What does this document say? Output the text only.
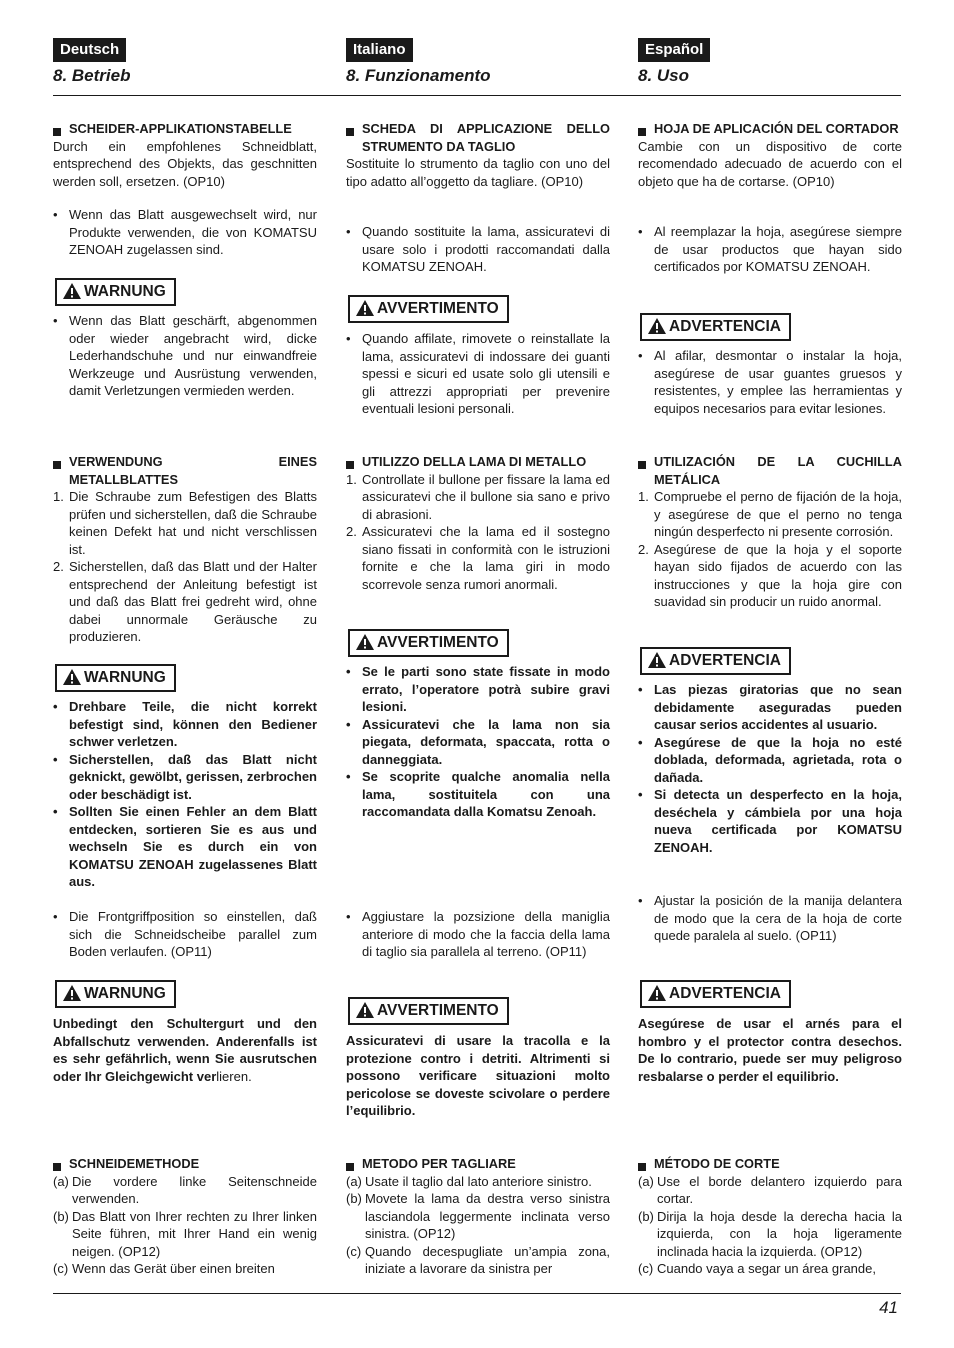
41
Deutsch
8. Betrieb
SCHEIDER-APPLIKATIONSTABELLE
Durch ein empfohlenes Schneidblatt, entsprechend des Objekts, das geschnitten werden soll, ersetzen. (OP10)
• Wenn das Blatt ausgewechselt wird, nur Produkte verwenden, die von KOMATSU ZENOAH zugelassen sind.
WARNUNG
• Wenn das Blatt geschärft, abgenommen oder wieder angebracht wird, dicke Lederhandschuhe und nur einwandfreie Werkzeuge und Ausrüstung verwenden, damit Verletzungen vermieden werden.
VERWENDUNG EINES METALLBLATTES
1. Die Schraube zum Befestigen des Blatts prüfen und sicherstellen, daß die Schraube keinen Defekt hat und nicht verschlissen ist.
2. Sicherstellen, daß das Blatt und der Halter entsprechend der Anleitung befestigt ist und daß das Blatt frei gedreht wird, ohne dabei unnormale Geräusche zu produzieren.
WARNUNG
• Drehbare Teile, die nicht korrekt befestigt sind, können den Bediener schwer verletzen.
• Sicherstellen, daß das Blatt nicht geknickt, gewölbt, gerissen, zerbrochen oder beschädigt ist.
• Sollten Sie einen Fehler an dem Blatt entdecken, sortieren Sie es aus und wechseln Sie es durch ein von KOMATSU ZENOAH zugelassenes Blatt aus.
• Die Frontgriffposition so einstellen, daß sich die Schneidscheibe parallel zum Boden verlaufen. (OP11)
WARNUNG
Unbedingt den Schultergurt und den Abfallschutz verwenden. Anderenfalls ist es sehr gefährlich, wenn Sie ausrutschen oder Ihr Gleichgewicht verlieren.
SCHNEIDEMETHODE
(a) Die vordere linke Seitenschneide verwenden.
(b) Das Blatt von Ihrer rechten zu Ihrer linken Seite führen, mit Ihrer Hand ein wenig neigen. (OP12)
(c) Wenn das Gerät über einen breiten
Italiano
8. Funzionamento
SCHEDA DI APPLICAZIONE DELLO STRUMENTO DA TAGLIO
Sostituite lo strumento da taglio con uno del tipo adatto all’oggetto da tagliare. (OP10)
• Quando sostituite la lama, assicuratevi di usare solo i prodotti raccomandati dalla KOMATSU ZENOAH.
AVVERTIMENTO
• Quando affilate, rimovete o reinstallate la lama, assicuratevi di indossare dei guanti spessi e sicuri ed usate solo gli utensili e gli attrezzi appropriati per prevenire eventuali lesioni personali.
UTILIZZO DELLA LAMA DI METALLO
1. Controllate il bullone per fissare la lama ed assicuratevi che il bullone sia sano e privo di abrasioni.
2. Assicuratevi che la lama ed il sostegno siano fissati in conformità con le istruzioni fornite e che la lama giri in modo scorrevole senza rumori anormali.
AVVERTIMENTO
• Se le parti sono state fissate in modo errato, l’operatore potrà subire gravi lesioni.
• Assicuratevi che la lama non sia piegata, deformata, spaccata, rotta o danneggiata.
• Se scoprite qualche anomalia nella lama, sostituitela con una raccomandata dalla Komatsu Zenoah.
• Aggiustare la pozsizione della maniglia anteriore di modo che la faccia della lama di taglio sia parallela al terreno. (OP11)
AVVERTIMENTO
Assicuratevi di usare la tracolla e la protezione contro i detriti. Altrimenti si possono verificare situazioni molto pericolose se doveste scivolare o perdere l’equilibrio.
METODO PER TAGLIARE
(a) Usate il taglio dal lato anteriore sinistro.
(b) Movete la lama da destra verso sinistra lasciandola leggermente inclinata verso sinistra. (OP12)
(c) Quando decespugliate un’ampia zona, iniziate a lavorare da sinistra per
Español
8. Uso
HOJA DE APLICACIÓN DEL CORTADOR
Cambie con un dispositivo de corte recomendado adecuado de acuerdo con el objeto que ha de cortarse. (OP10)
• Al reemplazar la hoja, asegúrese siempre de usar productos que hayan sido certificados por KOMATSU ZENOAH.
ADVERTENCIA
• Al afilar, desmontar o instalar la hoja, asegúrese de usar guantes gruesos y resistentes, y emplee las herramientas y equipos necesarios para evitar lesiones.
UTILIZACIÓN DE LA CUCHILLA METÁLICA
1. Compruebe el perno de fijación de la hoja, y asegúrese de que el perno no tenga ningún desperfecto ni presente corrosión.
2. Asegúrese de que la hoja y el soporte hayan sido fijados de acuerdo con las instrucciones y que la hoja gire con suavidad sin producir un ruido anormal.
ADVERTENCIA
• Las piezas giratorias que no sean debidamente aseguradas pueden causar serios accidentes al usuario.
• Asegúrese de que la hoja no esté doblada, deformada, agrietada, rota o dañada.
• Si detecta un desperfecto en la hoja, deséchela y cámbiela por una hoja nueva certificada por KOMATSU ZENOAH.
• Ajustar la posición de la manija delantera de modo que la cera de la hoja de corte quede paralela al suelo. (OP11)
ADVERTENCIA
Asegúrese de usar el arnés para el hombro y el protector contra desechos. De lo contrario, puede ser muy peligroso resbalarse o perder el equilibrio.
MÉTODO DE CORTE
(a) Use el borde delantero izquierdo para cortar.
(b) Dirija la hoja desde la derecha hacia la izquierda, con la hoja ligeramente inclinada hacia la izquierda. (OP12)
(c) Cuando vaya a segar un área grande,
